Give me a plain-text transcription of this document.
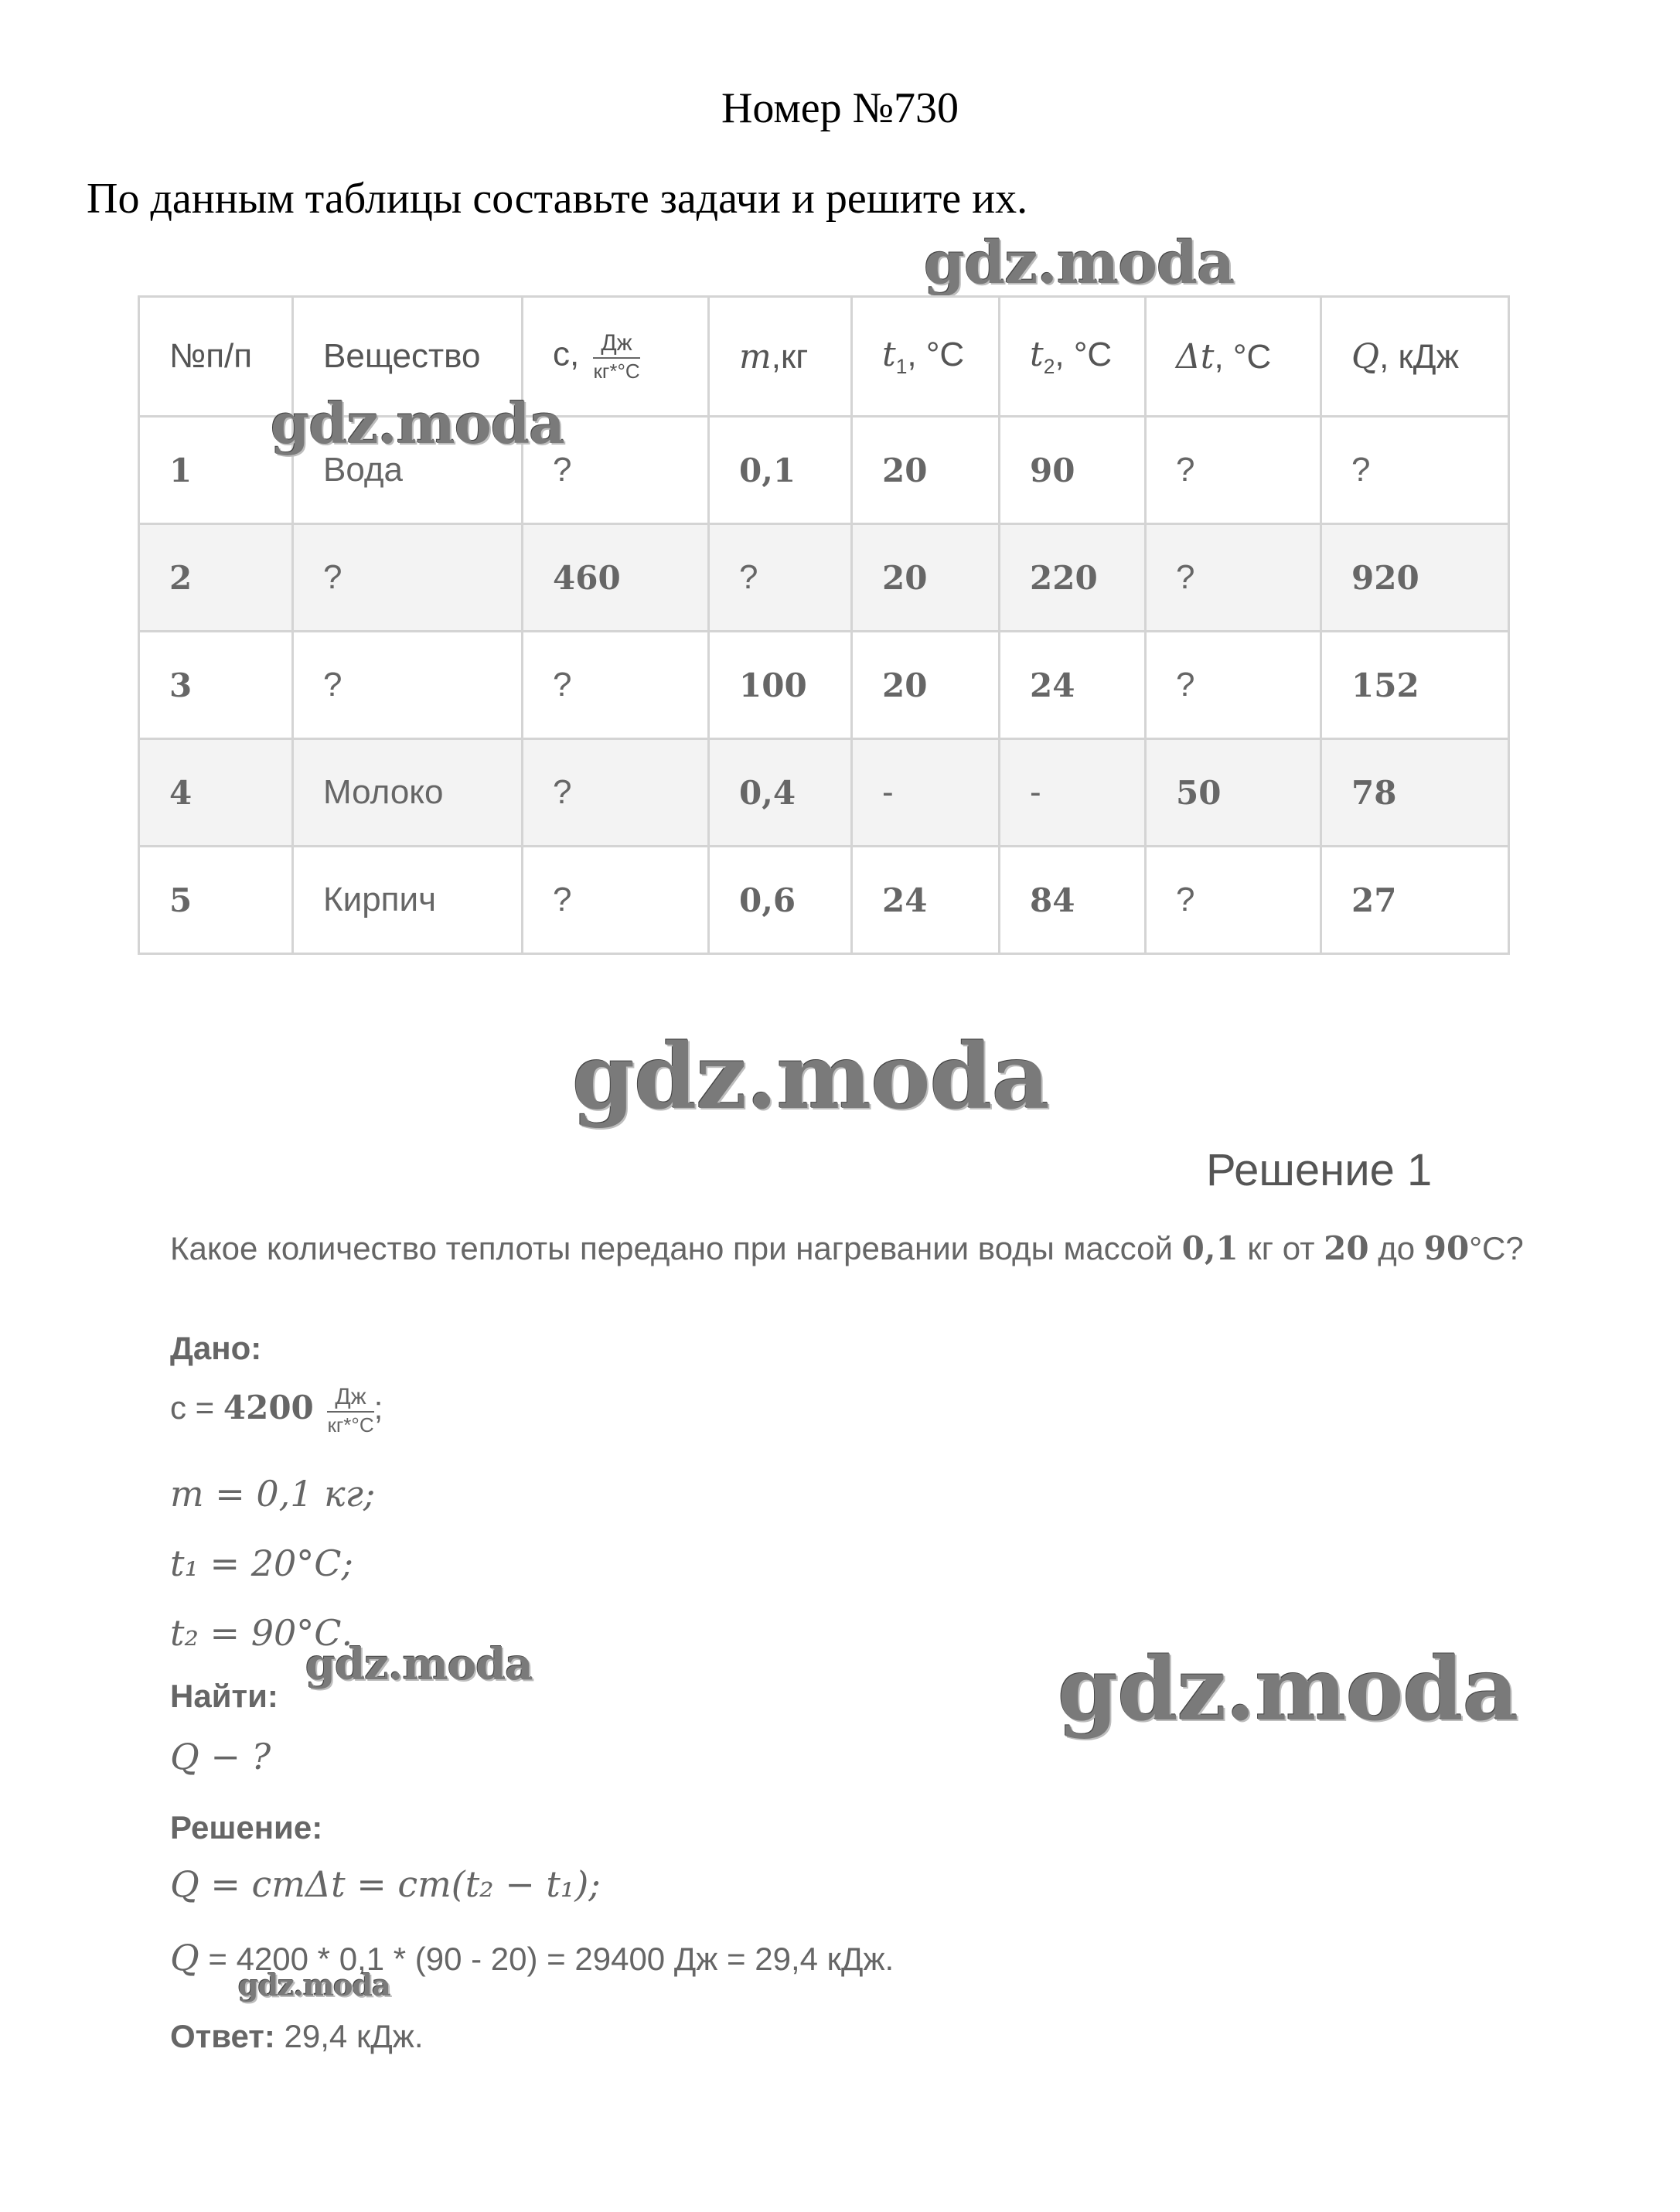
Номер №730
По данным таблицы составьте задачи и решите их.
gdz.moda
№п/п	Вещество	с, $\frac{Дж}{кг*^\circ С}$	m,кг	$t_1$, °С	$t_2$, °С	Δt, °С	Q, кДж
1	Вода	?	0,1	20	90	?	?
2	?	460	?	20	220	?	920
3	?	?	100	20	24	?	152
4	Молоко	?	0,4	-	-	50	78
5	Кирпич	?	0,6	24	84	?	27
gdz.moda
gdz.moda
Решение 1
Какое количество теплоты передано при нагревании воды массой 0,1 кг от 20 до 90°С?
Дано:
$с = 4200 \frac{Дж}{кг*^\circ С}$ ;
m = 0,1 кг;
t₁ = 20°С;
t₂ = 90°С.
gdz.moda	gdz.moda
Найти:
Q − ?
Решение:
Q = cmΔt = cm(t₂ − t₁);
Q = 4200 * 0,1 * (90 - 20) = 29400 Дж = 29,4 кДж.
gdz.moda
Ответ: 29,4 кДж.
